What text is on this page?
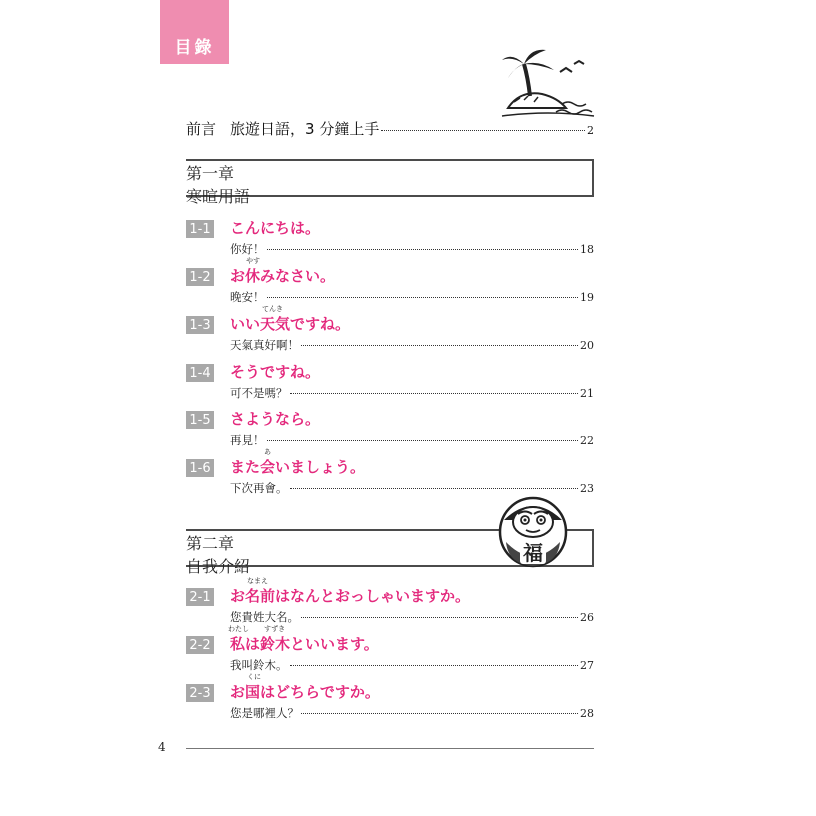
目錄
前言 旅遊日語，3 分鐘上手	2
第一章
寒暄用語
1-1 こんにちは。
你好！	18
1-2
やす
お休みなさい。
晚安！	19
1-3
てんき
いい天気ですね。
天氣真好啊！	20
1-4 そうですね。
可不是嗎？	21
1-5 さようなら。
再見！	22
1-6
あ
また会いましょう。
下次再會。	23
第二章
自我介紹
福
2-1
なまえ
お名前はなんとおっしゃいますか。
您貴姓大名。	26
2-2
わたし すずき
私は鈴木といいます。
我叫鈴木。	27
2-3
くに
お国はどちらですか。
您是哪裡人？	28
4
